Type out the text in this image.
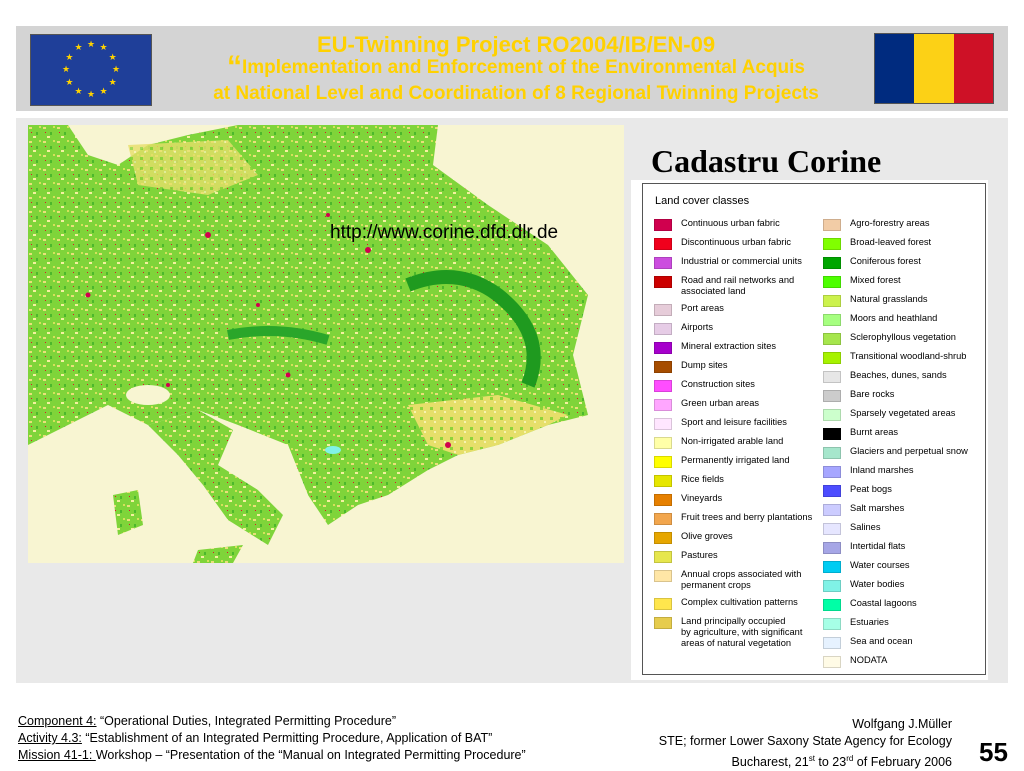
★ ★
★
★
★
★
★
★
★
★
★
★	EU-Twinning Project RO2004/IB/EN-09
“Implementation and Enforcement of the Environmental Acquis
at National Level and Coordination of 8 Regional Twinning Projects
http://www.corine.dfd.dlr.de
Cadastru Corine
Land cover classes
Continuous urban fabric
Discontinuous urban fabric
Industrial or commercial units
Road and rail networks and
associated land
Port areas
Airports
Mineral extraction sites
Dump sites
Construction sites
Green urban areas
Sport and leisure facilities
Non-irrigated arable land
Permanently irrigated land
Rice fields
Vineyards
Fruit trees and berry plantations
Olive groves
Pastures
Annual crops associated with
permanent crops
Complex cultivation patterns
Land principally occupied
by agriculture, with significant
areas of natural vegetation
Agro-forestry areas
Broad-leaved forest
Coniferous forest
Mixed forest
Natural grasslands
Moors and heathland
Sclerophyllous vegetation
Transitional woodland-shrub
Beaches, dunes, sands
Bare rocks
Sparsely vegetated areas
Burnt areas
Glaciers and perpetual snow
Inland marshes
Peat bogs
Salt marshes
Salines
Intertidal flats
Water courses
Water bodies
Coastal lagoons
Estuaries
Sea and ocean
NODATA
Component 4: “Operational Duties, Integrated Permitting Procedure”
Activity 4.3: “Establishment of an Integrated Permitting Procedure, Application of BAT”
Mission 41-1: Workshop – “Presentation of the “Manual on Integrated Permitting Procedure”
Wolfgang J.Müller
STE; former Lower Saxony State Agency for Ecology
Bucharest, 21st to 23rd of February 2006 55
